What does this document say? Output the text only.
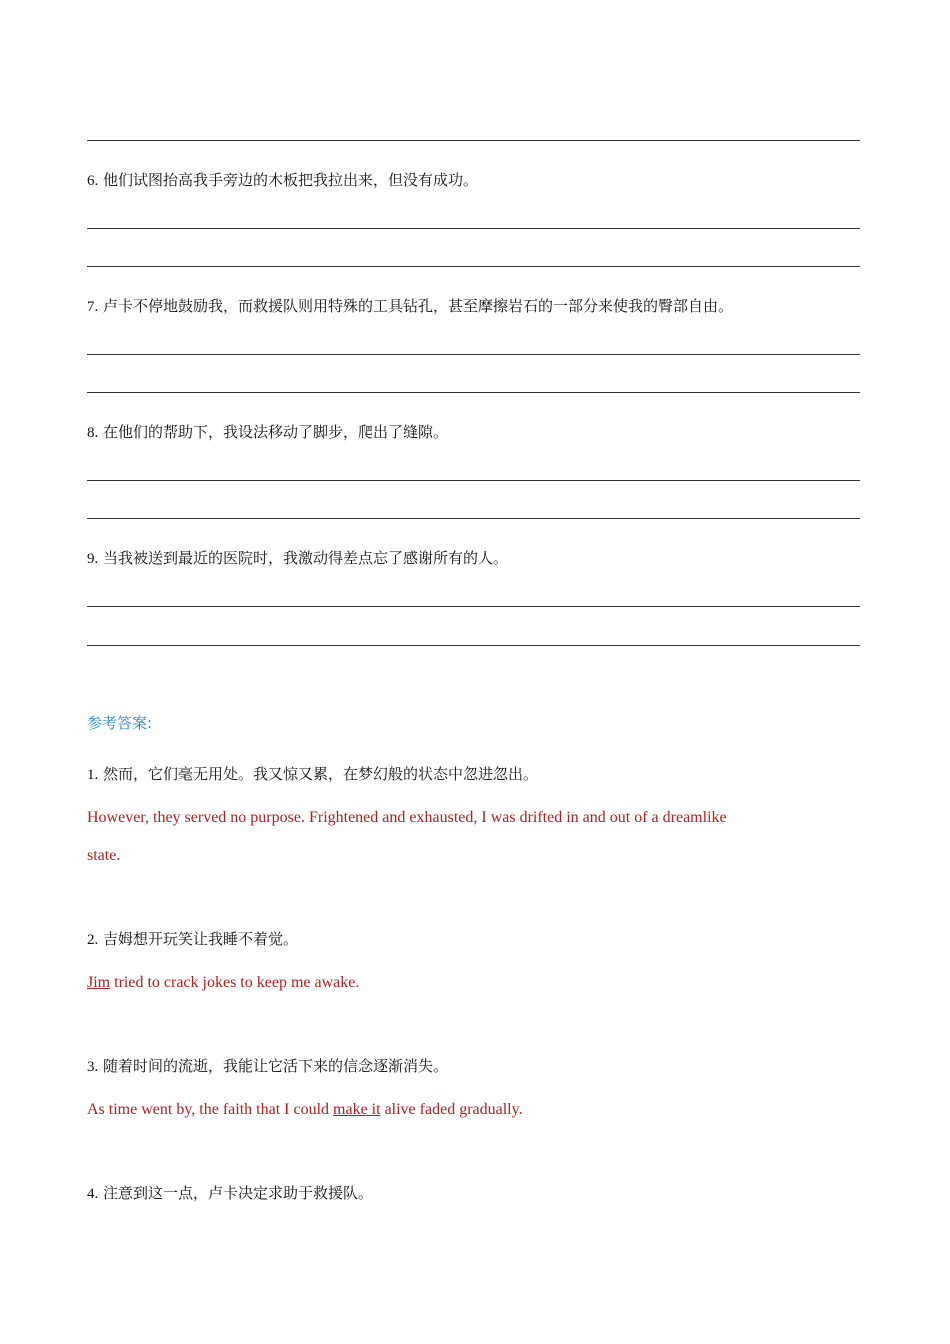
6. 他们试图抬高我手旁边的木板把我拉出来，但没有成功。
7. 卢卡不停地鼓励我，而救援队则用特殊的工具钻孔，甚至摩擦岩石的一部分来使我的臀部自由。
8. 在他们的帮助下，我设法移动了脚步，爬出了缝隙。
9. 当我被送到最近的医院时，我激动得差点忘了感谢所有的人。
参考答案:
1. 然而，它们毫无用处。我又惊又累，在梦幻般的状态中忽进忽出。
However, they served no purpose. Frightened and exhausted, I was drifted in and out of a dreamlike
state.
2. 吉姆想开玩笑让我睡不着觉。
Jim tried to crack jokes to keep me awake.
3. 随着时间的流逝，我能让它活下来的信念逐渐消失。
As time went by, the faith that I could make it alive faded gradually.
4. 注意到这一点，卢卡决定求助于救援队。
